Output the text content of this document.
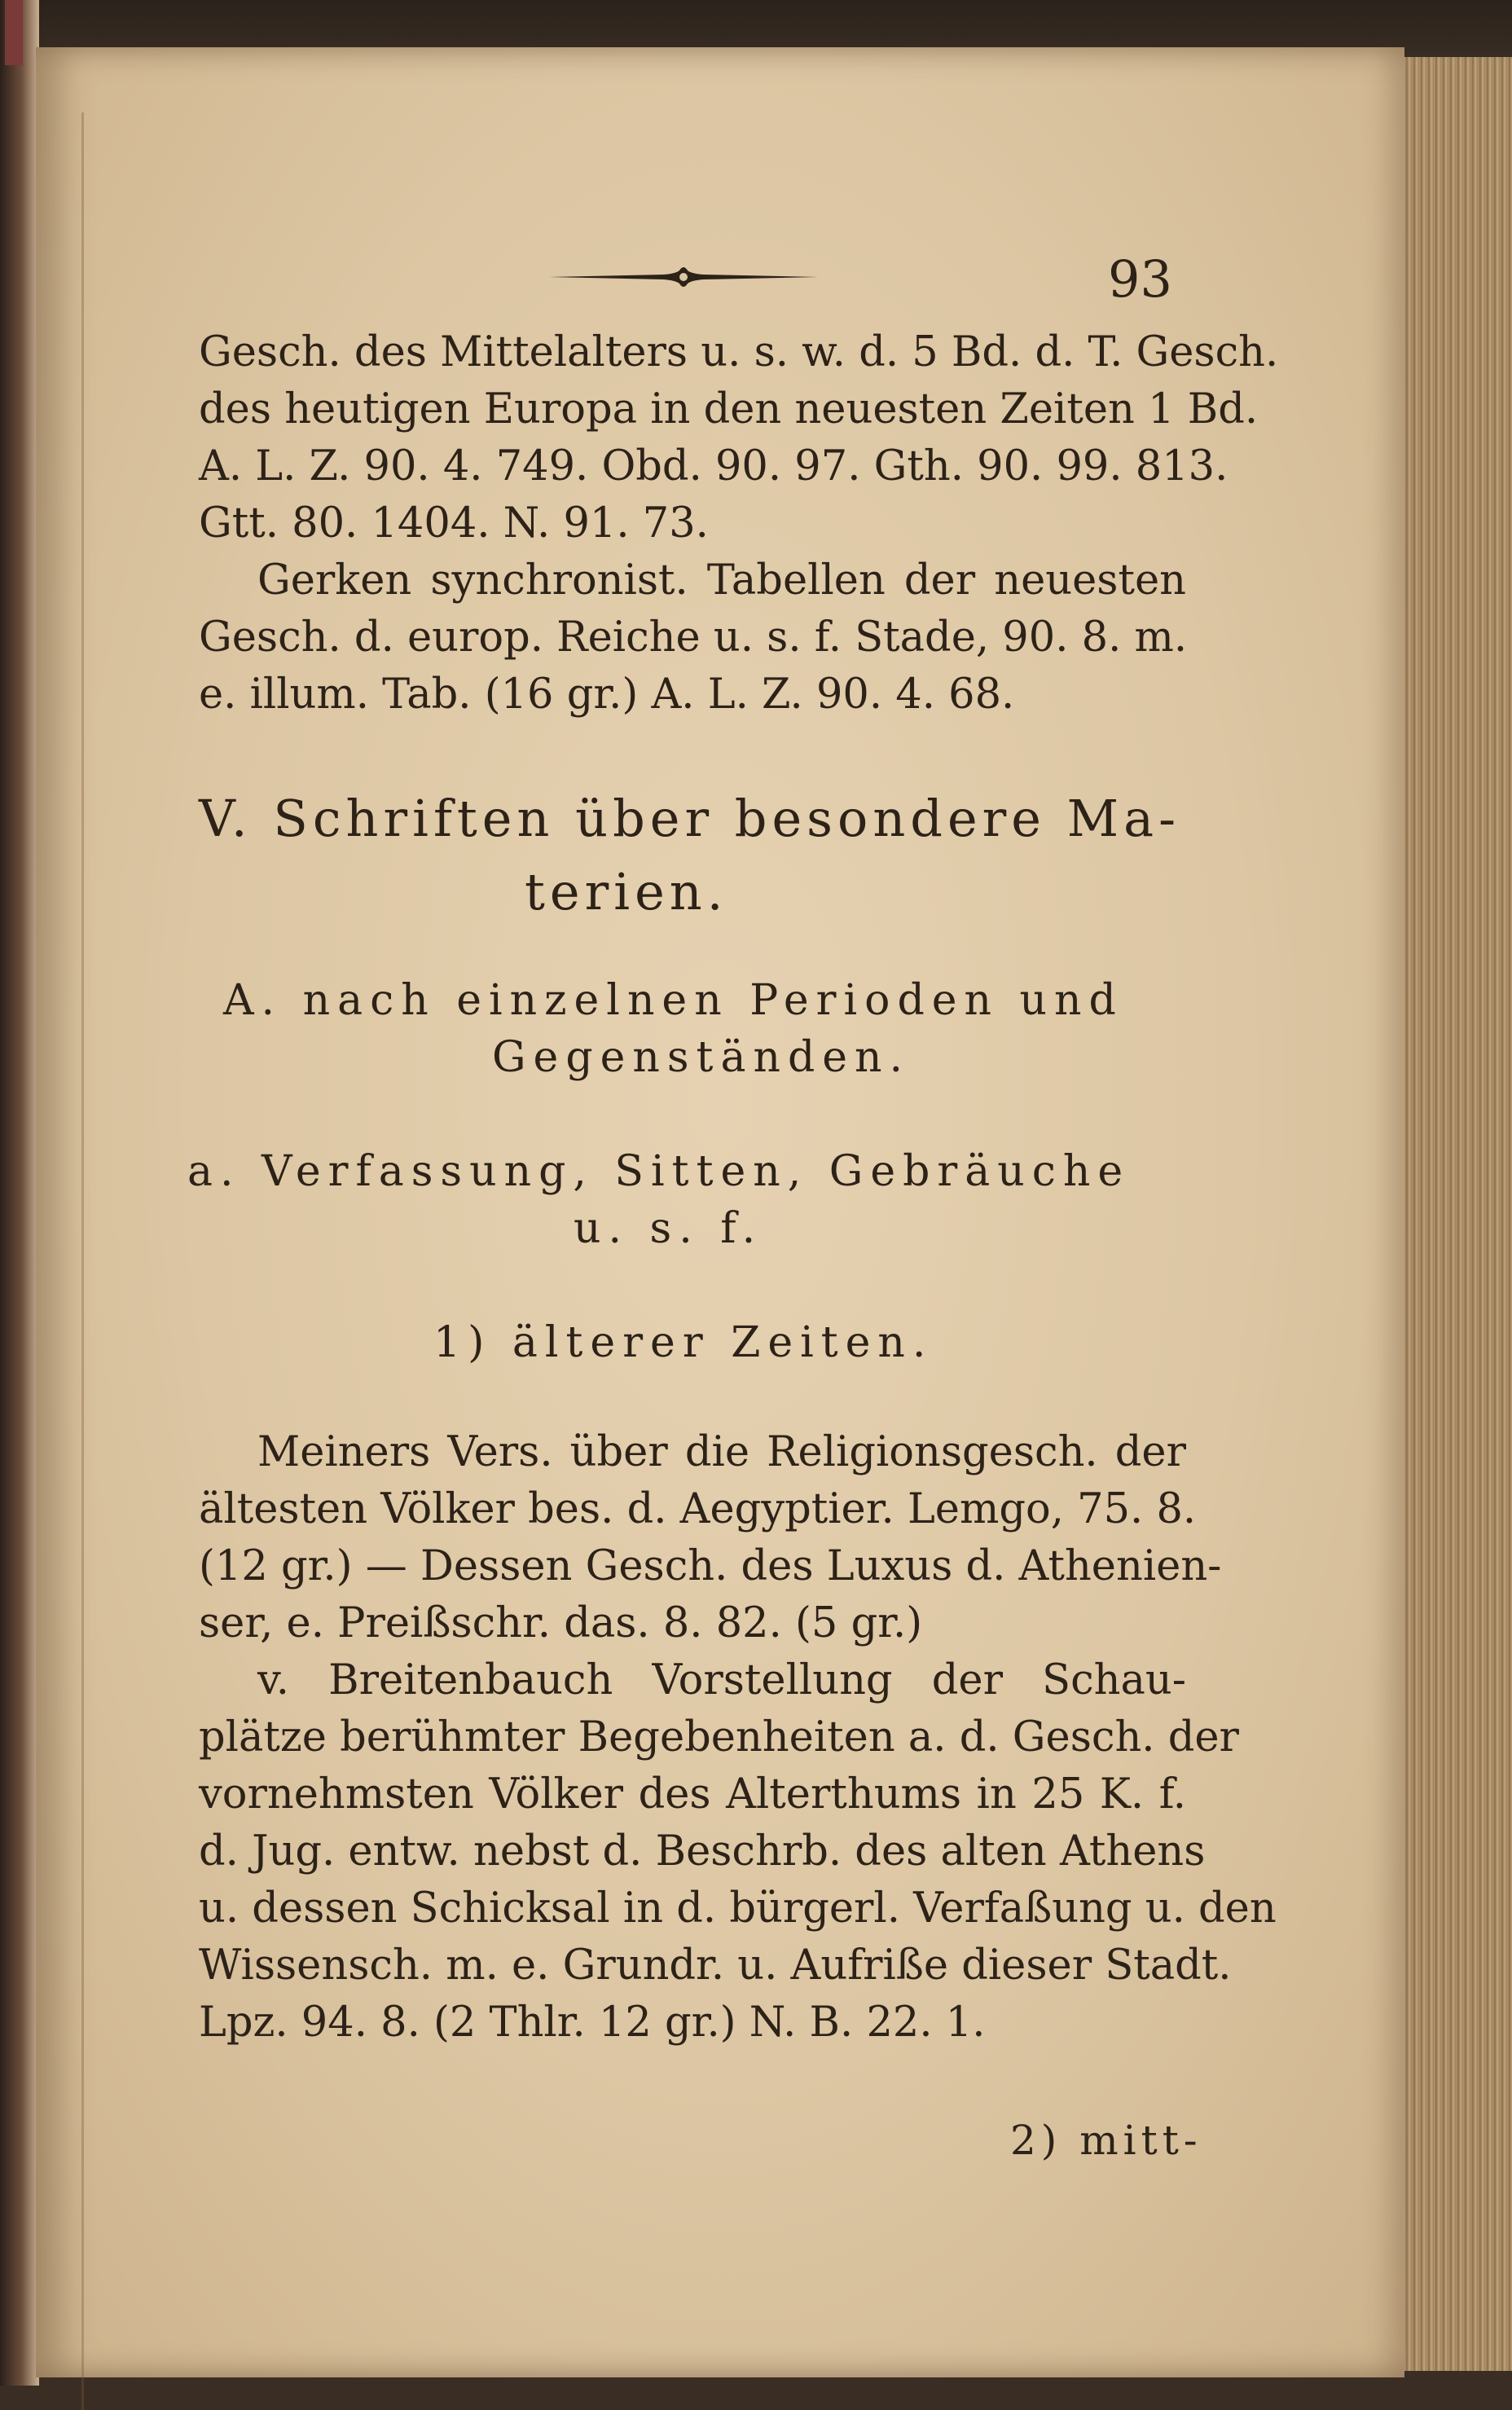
93
Gesch. des Mittelalters u. s. w. d. 5 Bd. d. T. Gesch.
des heutigen Europa in den neuesten Zeiten 1 Bd.
A. L. Z. 90. 4. 749. Obd. 90. 97. Gth. 90. 99. 813.
Gtt. 80. 1404. N. 91. 73.
Gerken synchronist. Tabellen der neuesten
Gesch. d. europ. Reiche u. s. f. Stade, 90. 8. m.
e. illum. Tab. (16 gr.) A. L. Z. 90. 4. 68.
V. Schriften über besondere Ma-
terien.
A. nach einzelnen Perioden und
Gegenständen.
a. Verfassung, Sitten, Gebräuche
u. s. f.
1) älterer Zeiten.
Meiners Vers. über die Religionsgesch. der
ältesten Völker bes. d. Aegyptier. Lemgo, 75. 8.
(12 gr.) — Dessen Gesch. des Luxus d. Athenien-
ser, e. Preißschr. das. 8. 82. (5 gr.)
v. Breitenbauch Vorstellung der Schau-
plätze berühmter Begebenheiten a. d. Gesch. der
vornehmsten Völker des Alterthums in 25 K. f.
d. Jug. entw. nebst d. Beschrb. des alten Athens
u. dessen Schicksal in d. bürgerl. Verfaßung u. den
Wissensch. m. e. Grundr. u. Aufriße dieser Stadt.
Lpz. 94. 8. (2 Thlr. 12 gr.) N. B. 22. 1.
2) mitt-
